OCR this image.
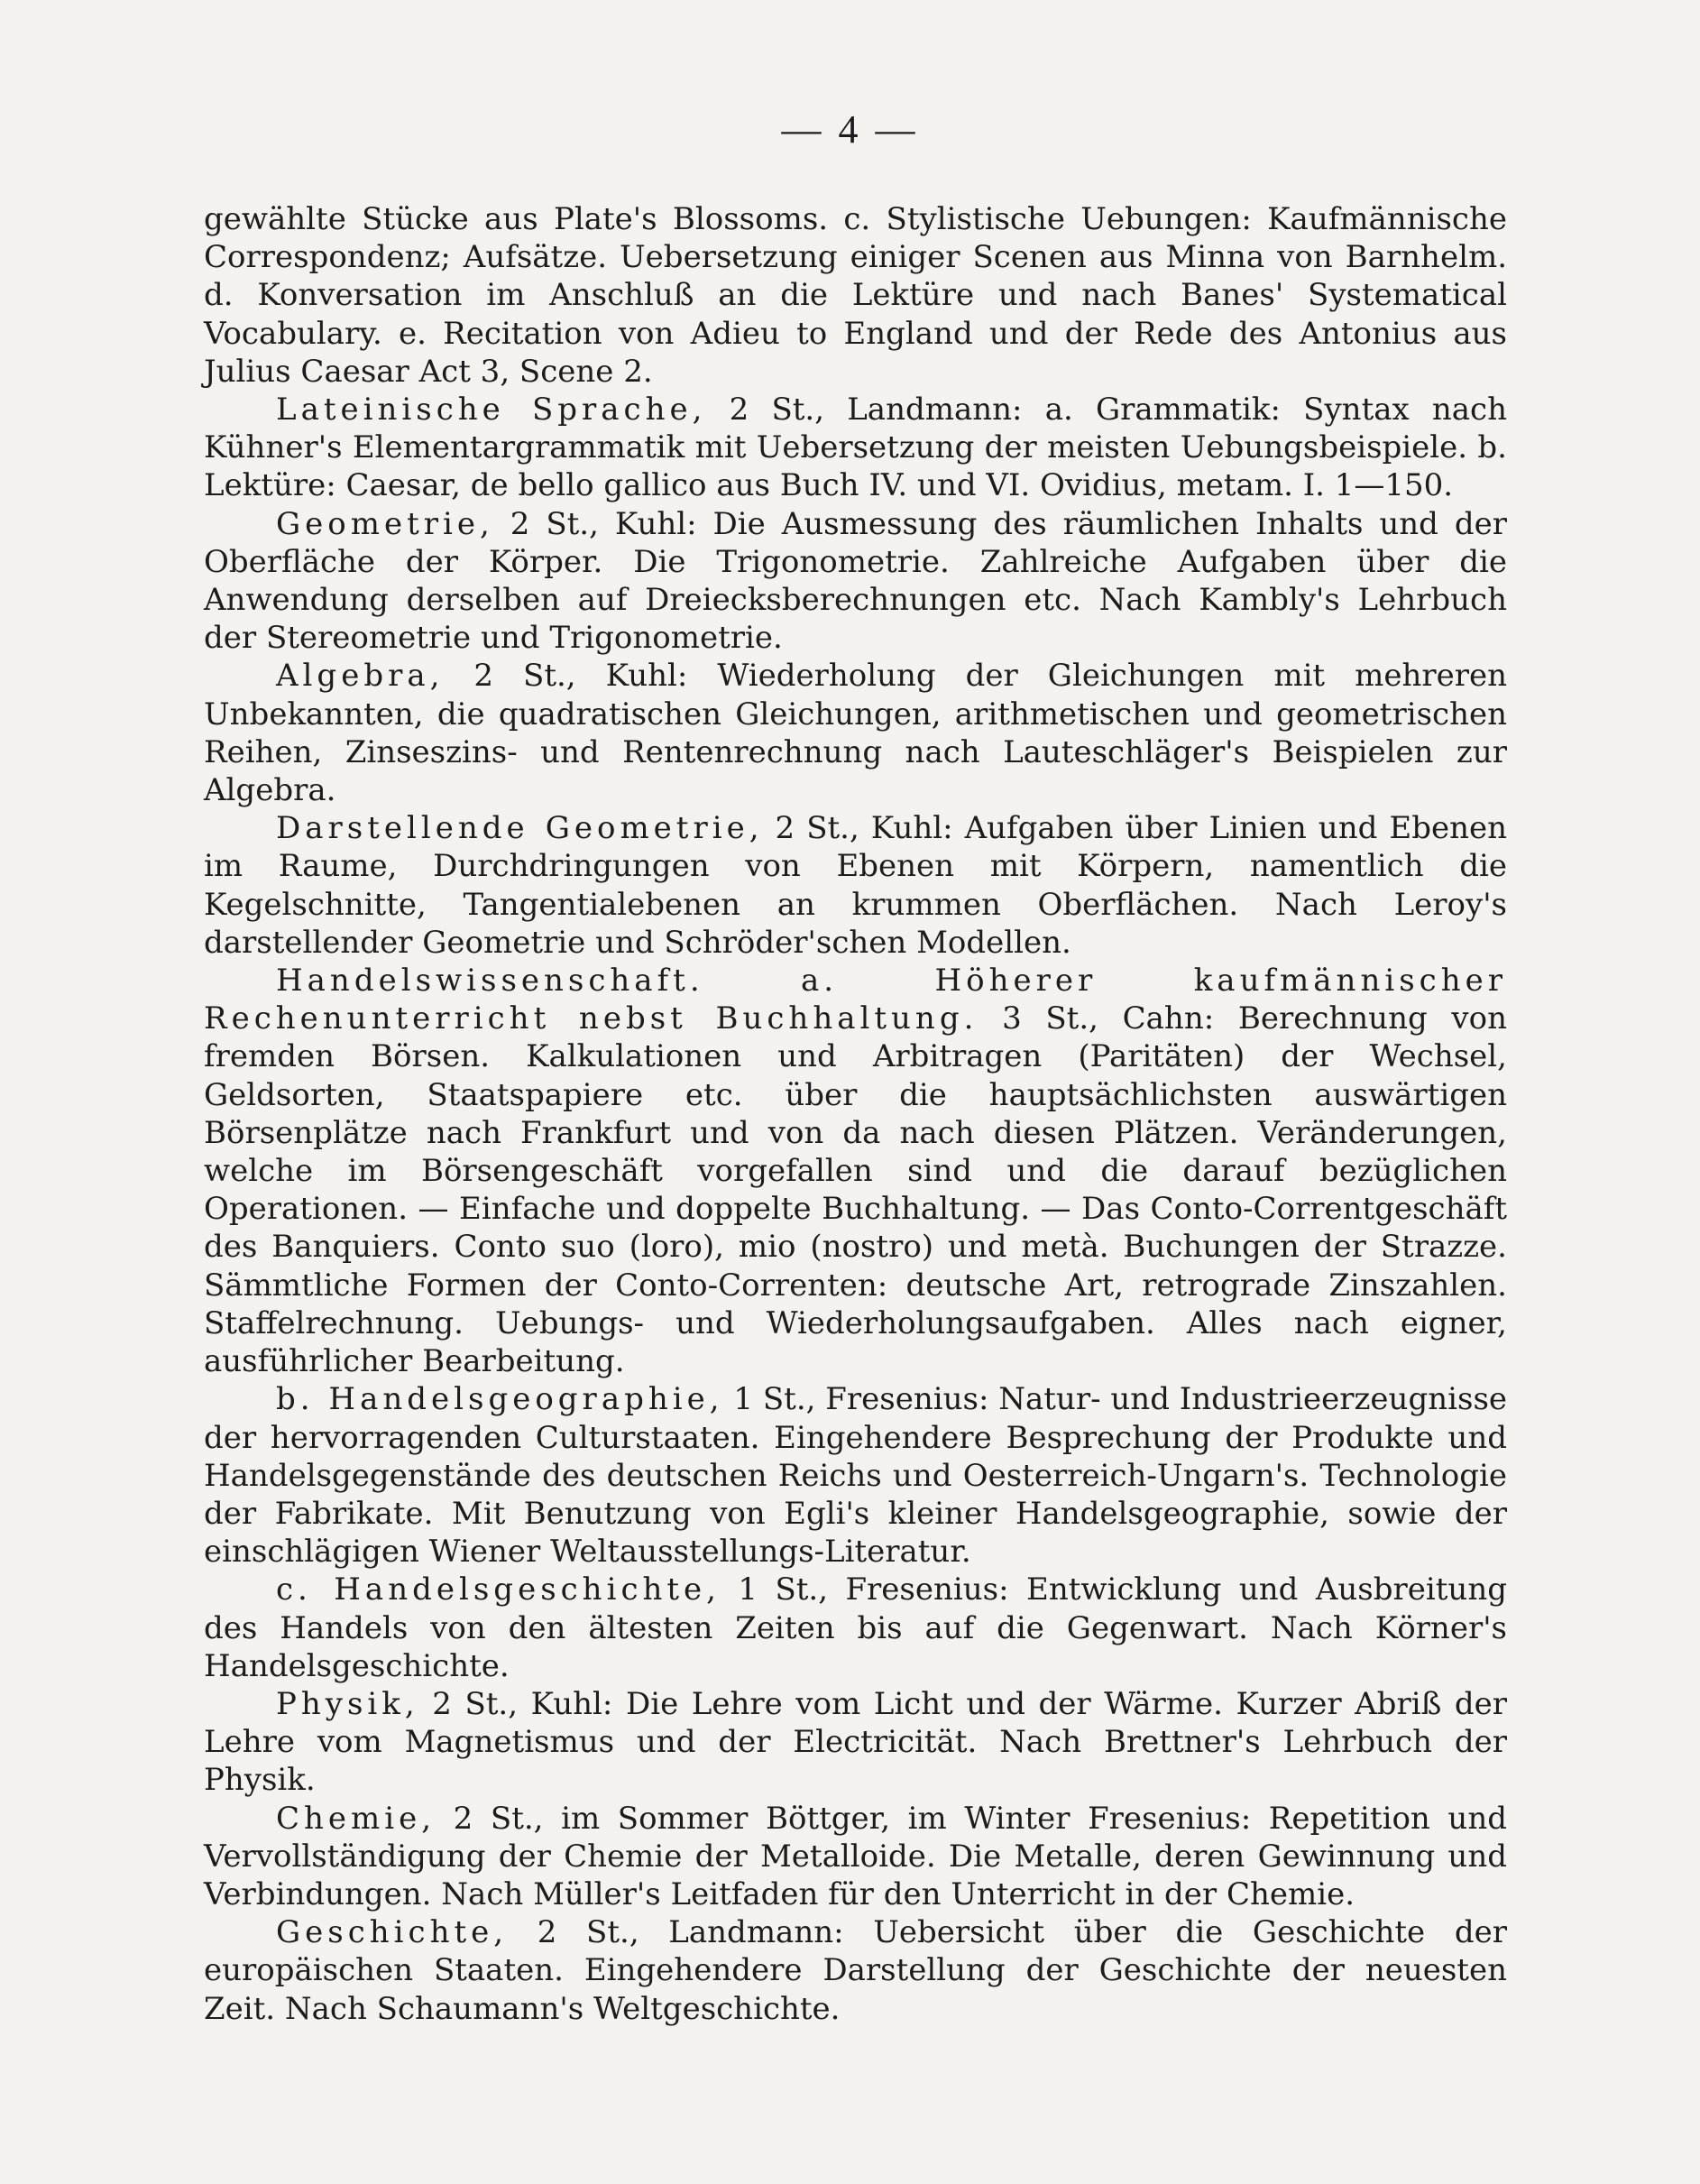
— 4 —

gewählte Stücke aus Plate's Blossoms. c. Stylistische Uebungen: Kaufmännische Correspondenz; Aufsätze. Uebersetzung einiger Scenen aus Minna von Barnhelm. d. Konversation im Anschluß an die Lektüre und nach Banes' Systematical Vocabulary. e. Recitation von Adieu to England und der Rede des Antonius aus Julius Caesar Act 3, Scene 2.

Lateinische Sprache, 2 St., Landmann: a. Grammatik: Syntax nach Kühner's Elementargrammatik mit Uebersetzung der meisten Uebungsbeispiele. b. Lektüre: Caesar, de bello gallico aus Buch IV. und VI. Ovidius, metam. I. 1—150.

Geometrie, 2 St., Kuhl: Die Ausmessung des räumlichen Inhalts und der Oberfläche der Körper. Die Trigonometrie. Zahlreiche Aufgaben über die Anwendung derselben auf Dreiecksberechnungen etc. Nach Kambly's Lehrbuch der Stereometrie und Trigonometrie.

Algebra, 2 St., Kuhl: Wiederholung der Gleichungen mit mehreren Unbekannten, die quadratischen Gleichungen, arithmetischen und geometrischen Reihen, Zinseszins- und Rentenrechnung nach Lauteschläger's Beispielen zur Algebra.

Darstellende Geometrie, 2 St., Kuhl: Aufgaben über Linien und Ebenen im Raume, Durchdringungen von Ebenen mit Körpern, namentlich die Kegelschnitte, Tangentialebenen an krummen Oberflächen. Nach Leroy's darstellender Geometrie und Schröder'schen Modellen.

Handelswissenschaft. a. Höherer kaufmännischer Rechenunterricht nebst Buchhaltung. 3 St., Cahn: Berechnung von fremden Börsen. Kalkulationen und Arbitragen (Paritäten) der Wechsel, Geldsorten, Staatspapiere etc. über die hauptsächlichsten auswärtigen Börsenplätze nach Frankfurt und von da nach diesen Plätzen. Veränderungen, welche im Börsengeschäft vorgefallen sind und die darauf bezüglichen Operationen. — Einfache und doppelte Buchhaltung. — Das Conto-Correntgeschäft des Banquiers. Conto suo (loro), mio (nostro) und metà. Buchungen der Strazze. Sämmtliche Formen der Conto-Correnten: deutsche Art, retrograde Zinszahlen. Staffelrechnung. Uebungs- und Wiederholungsaufgaben. Alles nach eigner, ausführlicher Bearbeitung.

b. Handelsgeographie, 1 St., Fresenius: Natur- und Industrieerzeugnisse der hervorragenden Culturstaaten. Eingehendere Besprechung der Produkte und Handelsgegenstände des deutschen Reichs und Oesterreich-Ungarn's. Technologie der Fabrikate. Mit Benutzung von Egli's kleiner Handelsgeographie, sowie der einschlägigen Wiener Weltausstellungs-Literatur.

c. Handelsgeschichte, 1 St., Fresenius: Entwicklung und Ausbreitung des Handels von den ältesten Zeiten bis auf die Gegenwart. Nach Körner's Handelsgeschichte.

Physik, 2 St., Kuhl: Die Lehre vom Licht und der Wärme. Kurzer Abriß der Lehre vom Magnetismus und der Electricität. Nach Brettner's Lehrbuch der Physik.

Chemie, 2 St., im Sommer Böttger, im Winter Fresenius: Repetition und Vervollständigung der Chemie der Metalloide. Die Metalle, deren Gewinnung und Verbindungen. Nach Müller's Leitfaden für den Unterricht in der Chemie.

Geschichte, 2 St., Landmann: Uebersicht über die Geschichte der europäischen Staaten. Eingehendere Darstellung der Geschichte der neuesten Zeit. Nach Schaumann's Weltgeschichte.
